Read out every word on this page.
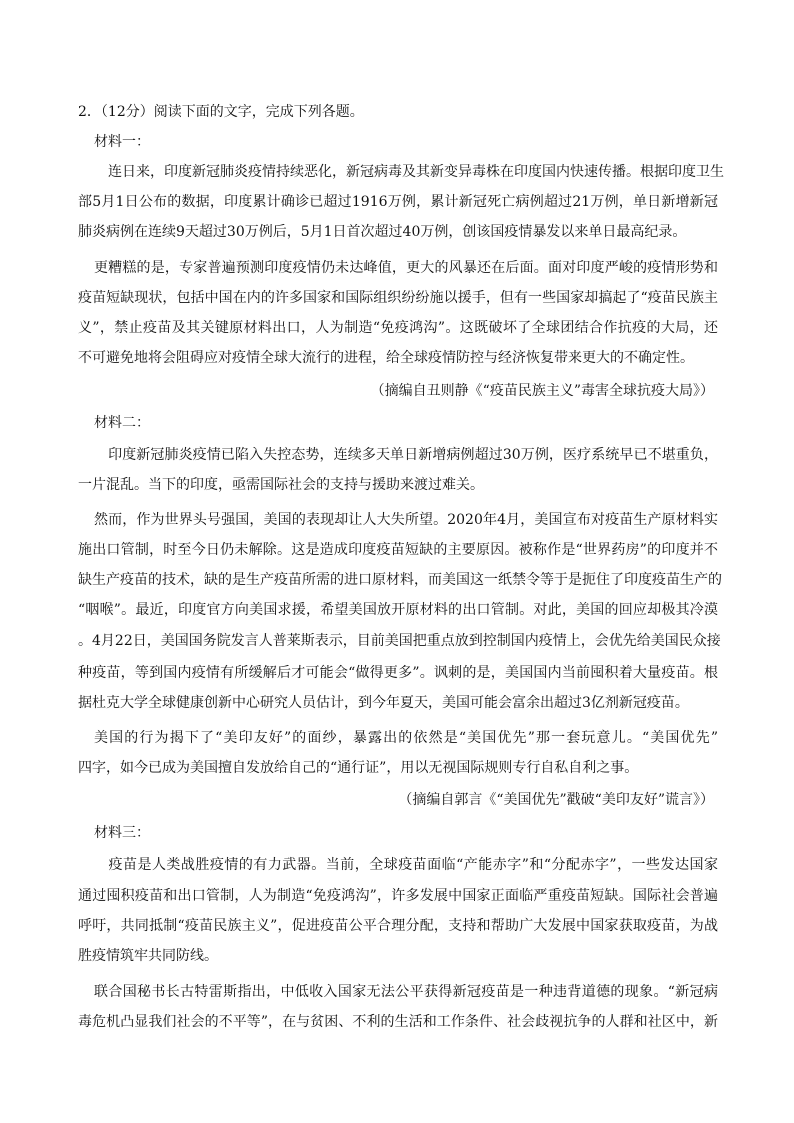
2．（12分）阅读下面的文字，完成下列各题。
材料一：
　连日来，印度新冠肺炎疫情持续恶化，新冠病毒及其新变异毒株在印度国内快速传播。根据印度卫生
部5月1日公布的数据，印度累计确诊已超过1916万例，累计新冠死亡病例超过21万例，单日新增新冠
肺炎病例在连续9天超过30万例后，5月1日首次超过40万例，创该国疫情暴发以来单日最高纪录。
更糟糕的是，专家普遍预测印度疫情仍未达峰值，更大的风暴还在后面。面对印度严峻的疫情形势和
疫苗短缺现状，包括中国在内的许多国家和国际组织纷纷施以援手，但有一些国家却搞起了“疫苗民族主
义”，禁止疫苗及其关键原材料出口，人为制造“免疫鸿沟”。这既破坏了全球团结合作抗疫的大局，还
不可避免地将会阻碍应对疫情全球大流行的进程，给全球疫情防控与经济恢复带来更大的不确定性。
（摘编自丑则静《“疫苗民族主义”毒害全球抗疫大局》）
材料二：
　印度新冠肺炎疫情已陷入失控态势，连续多天单日新增病例超过30万例，医疗系统早已不堪重负，
一片混乱。当下的印度，亟需国际社会的支持与援助来渡过难关。
然而，作为世界头号强国，美国的表现却让人大失所望。2020年4月，美国宣布对疫苗生产原材料实
施出口管制，时至今日仍未解除。这是造成印度疫苗短缺的主要原因。被称作是“世界药房”的印度并不
缺生产疫苗的技术，缺的是生产疫苗所需的进口原材料，而美国这一纸禁令等于是扼住了印度疫苗生产的
“咽喉”。最近，印度官方向美国求援，希望美国放开原材料的出口管制。对此，美国的回应却极其冷漠
。4月22日，美国国务院发言人普莱斯表示，目前美国把重点放到控制国内疫情上，会优先给美国民众接
种疫苗，等到国内疫情有所缓解后才可能会“做得更多”。讽刺的是，美国国内当前囤积着大量疫苗。根
据杜克大学全球健康创新中心研究人员估计，到今年夏天，美国可能会富余出超过3亿剂新冠疫苗。
美国的行为揭下了“美印友好”的面纱，暴露出的依然是“美国优先”那一套玩意儿。“美国优先”
四字，如今已成为美国擅自发放给自己的“通行证”，用以无视国际规则专行自私自利之事。
（摘编自郭言《“美国优先”戳破“美印友好”谎言》）
材料三：
　疫苗是人类战胜疫情的有力武器。当前，全球疫苗面临“产能赤字”和“分配赤字”，一些发达国家
通过囤积疫苗和出口管制，人为制造“免疫鸿沟”，许多发展中国家正面临严重疫苗短缺。国际社会普遍
呼吁，共同抵制“疫苗民族主义”，促进疫苗公平合理分配，支持和帮助广大发展中国家获取疫苗，为战
胜疫情筑牢共同防线。
联合国秘书长古特雷斯指出，中低收入国家无法公平获得新冠疫苗是一种违背道德的现象。“新冠病
毒危机凸显我们社会的不平等”，在与贫困、不利的生活和工作条件、社会歧视抗争的人群和社区中，新
